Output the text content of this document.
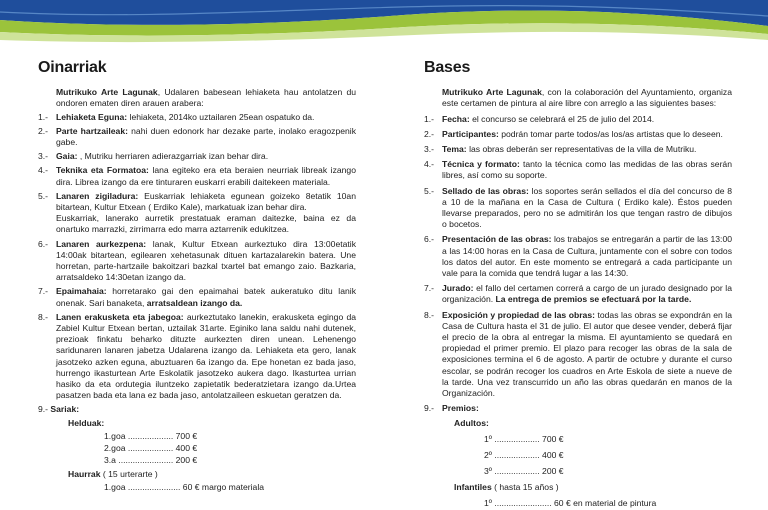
Oinarriak

Mutrikuko Arte Lagunak, Udalaren babesean lehiaketa hau antolatzen du ondoren ematen diren arauen arabera:

1.- Lehiaketa Eguna: lehiaketa, 2014ko uztailaren 25ean ospatuko da.

2.- Parte hartzaileak: nahi duen edonork har dezake parte, inolako eragozpenik gabe.

3.- Gaia: , Mutriku herriaren adierazgarriak izan behar dira.

4.- Teknika eta Formatoa: lana egiteko era eta beraien neurriak libreak izango dira. Librea izango da ere tinturaren euskarri erabili daitekeen materiala.

5.- Lanaren zigiladura: Euskarriak lehiaketa egunean goizeko 8etatik 10an bitartean, Kultur Etxean ( Erdiko Kale), markatuak izan behar dira.

Euskarriak, lanerako aurretik prestatuak eraman daitezke, baina ez da onartuko marrazki, zirrimarra edo marra aztarrenik edukitzea.

6.- Lanaren aurkezpena: lanak, Kultur Etxean aurkeztuko dira 13:00etatik 14:00ak bitartean, egilearen xehetasunak dituen kartazalarekin batera. Une horretan, parte-hartzaile bakoitzari bazkal txartel bat emango zaio. Bazkaria, arratsaldeko 14:30etan izango da.

7.- Epaimahaia: horretarako gai den epaimahai batek aukeratuko ditu lanik onenak. Sari banaketa, arratsaldean izango da.

8.- Lanen erakusketa eta jabegoa: aurkeztutako lanekin, erakusketa egingo da Zabiel Kultur Etxean bertan, uztailak 31arte. Eginiko lana saldu nahi dutenek, prezioak finkatu beharko dituzte aurkezten diren unean. Lehenengo saridunaren lanaren jabetza Udalarena izango da. Lehiaketa eta gero, lanak jasotzeko azken eguna, abuztuaren 6a izango da. Epe honetan ez bada jaso, hurrengo ikasturtean Arte Eskolatik jasotzeko aukera dago. Ikasturtea urrian hasiko da eta ordutegia iluntzeko zapietatik bederatzietara izango da.Urtea pasatzen bada eta lana ez bada jaso, antolatzaileen eskuetan geratzen da.

9.- Sariak:
Helduak:
1.goa ................... 700 €
2.goa ................... 400 €
3.a ....................... 200 €
Haurrak ( 15 urterarte )
1.goa ...................... 60 € margo materiala
Bases

Mutrikuko Arte Lagunak, con la colaboración del Ayuntamiento, organiza este certamen de pintura al aire libre con arreglo a las siguientes bases:

1.- Fecha: el concurso se celebrará el 25 de julio del 2014.

2.- Participantes: podrán tomar parte todos/as los/as artistas que lo deseen.

3.- Tema: las obras deberán ser representativas de la villa de Mutriku.

4.- Técnica y formato: tanto la técnica como las medidas de las obras serán libres, así como su soporte.

5.- Sellado de las obras: los soportes serán sellados el día del concurso de 8 a 10 de la mañana en la Casa de Cultura ( Erdiko kale). Éstos pueden llevarse preparados, pero no se admitirán los que tengan rastro de dibujos o bocetos.

6.- Presentación de las obras: los trabajos se entregarán a partir de las 13:00 a las 14:00 horas en la Casa de Cultura, juntamente con el sobre con todos los datos del autor. En este momento se entregará a cada participante un vale para la comida que tendrá lugar a las 14:30.

7.- Jurado: el fallo del certamen correrá a cargo de un jurado designado por la organización. La entrega de premios se efectuará por la tarde.

8.- Exposición y propiedad de las obras: todas las obras se expondrán en la Casa de Cultura hasta el 31 de julio. El autor que desee vender, deberá fijar el precio de la obra al entregar la misma. El ayuntamiento se quedará en propiedad el primer premio. El plazo para recoger las obras de la sala de exposiciones termina el 6 de agosto. A partir de octubre y durante el curso escolar, se podrán recoger los cuadros en Arte Eskola de siete a nueve de la tarde. Una vez transcurrido un año las obras quedarán en manos de la Organización.

9.- Premios:
Adultos:
1º ................... 700 €
2º ................... 400 €
3º ................... 200 €
Infantiles ( hasta 15 años )
1º ........................ 60 € en material de pintura
